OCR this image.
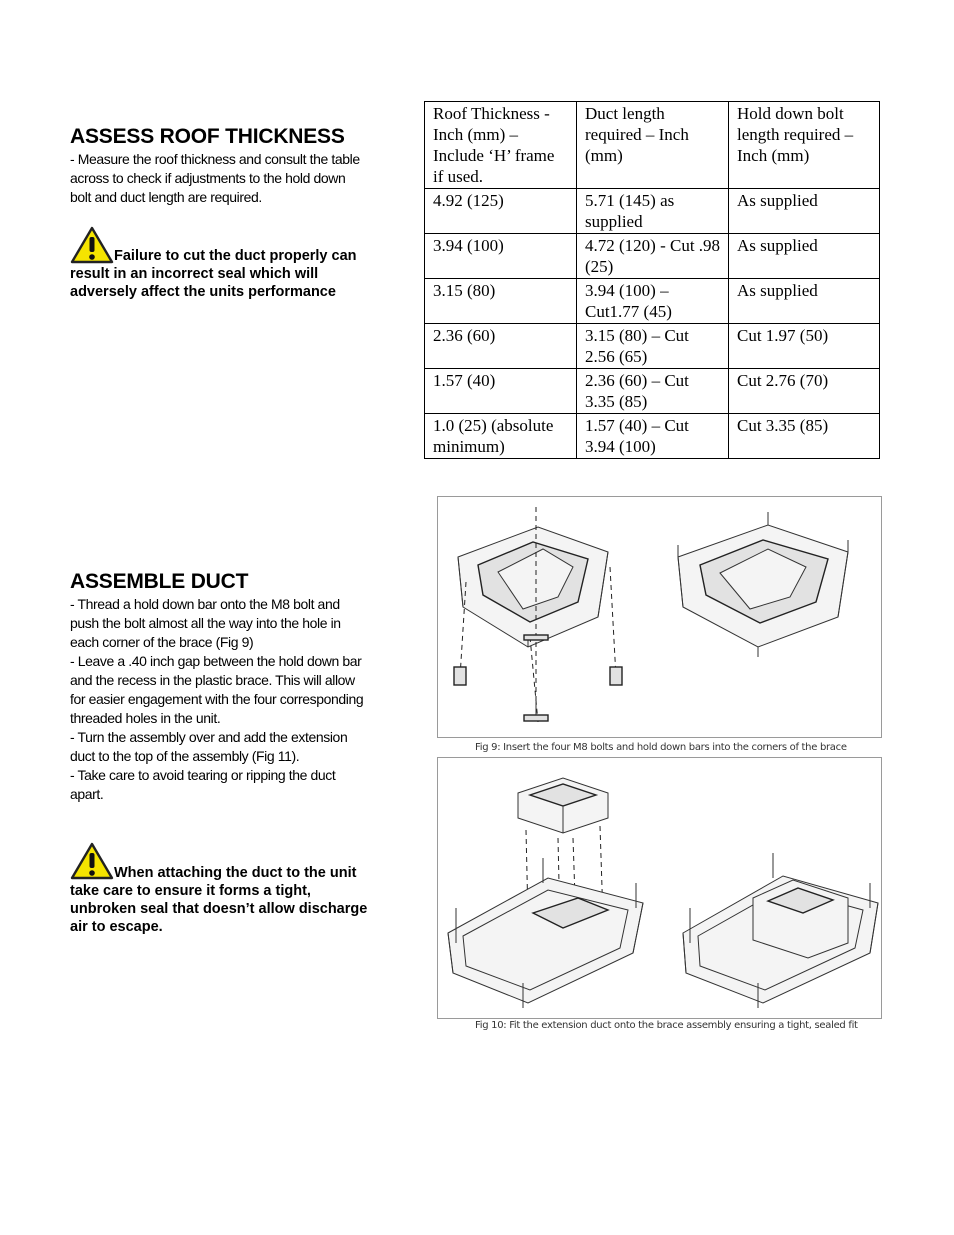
ASSESS ROOF THICKNESS
- Measure the roof thickness and consult the table across to check if adjustments to the hold down bolt and duct length are required.
Failure to cut the duct properly can result in an incorrect seal which will adversely affect the units performance
Roof Thickness - Inch (mm) – Include ‘H’ frame if used.	Duct length required – Inch (mm)	Hold down bolt length required – Inch (mm)
4.92 (125)	5.71 (145) as supplied	As supplied
3.94 (100)	4.72 (120) - Cut .98 (25)	As supplied
3.15 (80)	3.94 (100) – Cut1.77 (45)	As supplied
2.36 (60)	3.15 (80) – Cut 2.56 (65)	Cut 1.97 (50)
1.57 (40)	2.36 (60) – Cut 3.35 (85)	Cut 2.76 (70)
1.0 (25) (absolute minimum)	1.57 (40) – Cut 3.94 (100)	Cut 3.35 (85)
ASSEMBLE DUCT

- Thread a hold down bar onto the M8 bolt and push the bolt almost all the way into the hole in each corner of the brace (Fig 9)

- Leave a .40 inch gap between the hold down bar and the recess in the plastic brace. This will allow for easier engagement with the four corresponding threaded holes in the unit.

- Turn the assembly over and add the extension duct to the top of the assembly (Fig 11).

- Take care to avoid tearing or ripping the duct apart.

When attaching the duct to the unit take care to ensure it forms a tight, unbroken seal that doesn’t allow discharge air to escape.
Fig 9: Insert the four M8 bolts and hold down bars into the corners of the brace
Fig 10: Fit the extension duct onto the brace assembly ensuring a tight, sealed fit
